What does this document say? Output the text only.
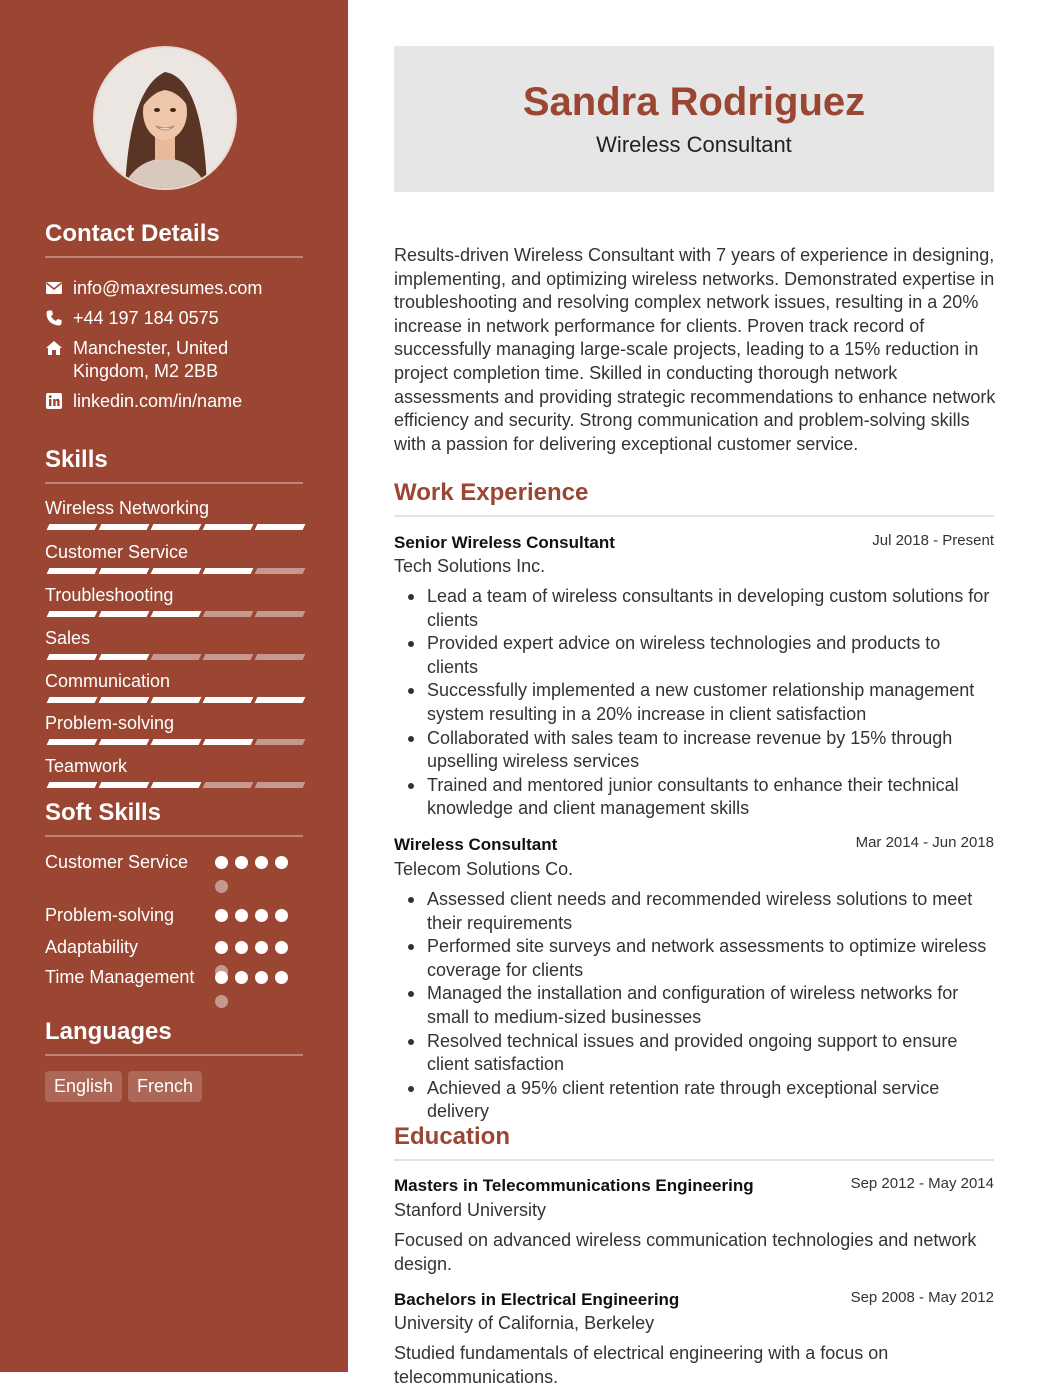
Contact Details
info@maxresumes.com
+44 197 184 0575
Manchester, United Kingdom, M2 2BB
linkedin.com/in/name
Skills
Wireless Networking
Customer Service
Troubleshooting
Sales
Communication
Problem-solving
Teamwork
Soft Skills
Customer Service
Problem-solving
Adaptability
Time Management
Languages
English	French
Sandra Rodriguez
Wireless Consultant
Results-driven Wireless Consultant with 7 years of experience in designing, implementing, and optimizing wireless networks. Demonstrated expertise in troubleshooting and resolving complex network issues, resulting in a 20% increase in network performance for clients. Proven track record of successfully managing large-scale projects, leading to a 15% reduction in project completion time. Skilled in conducting thorough network assessments and providing strategic recommendations to enhance network efficiency and security. Strong communication and problem-solving skills with a passion for delivering exceptional customer service.
Work Experience
Senior Wireless Consultant	Jul 2018 - Present
Tech Solutions Inc.
Lead a team of wireless consultants in developing custom solutions for clients
Provided expert advice on wireless technologies and products to clients
Successfully implemented a new customer relationship management system resulting in a 20% increase in client satisfaction
Collaborated with sales team to increase revenue by 15% through upselling wireless services
Trained and mentored junior consultants to enhance their technical knowledge and client management skills
Wireless Consultant	Mar 2014 - Jun 2018
Telecom Solutions Co.
Assessed client needs and recommended wireless solutions to meet their requirements
Performed site surveys and network assessments to optimize wireless coverage for clients
Managed the installation and configuration of wireless networks for small to medium-sized businesses
Resolved technical issues and provided ongoing support to ensure client satisfaction
Achieved a 95% client retention rate through exceptional service delivery
Education
Masters in Telecommunications Engineering	Sep 2012 - May 2014
Stanford University
Focused on advanced wireless communication technologies and network design.
Bachelors in Electrical Engineering	Sep 2008 - May 2012
University of California, Berkeley
Studied fundamentals of electrical engineering with a focus on telecommunications.
